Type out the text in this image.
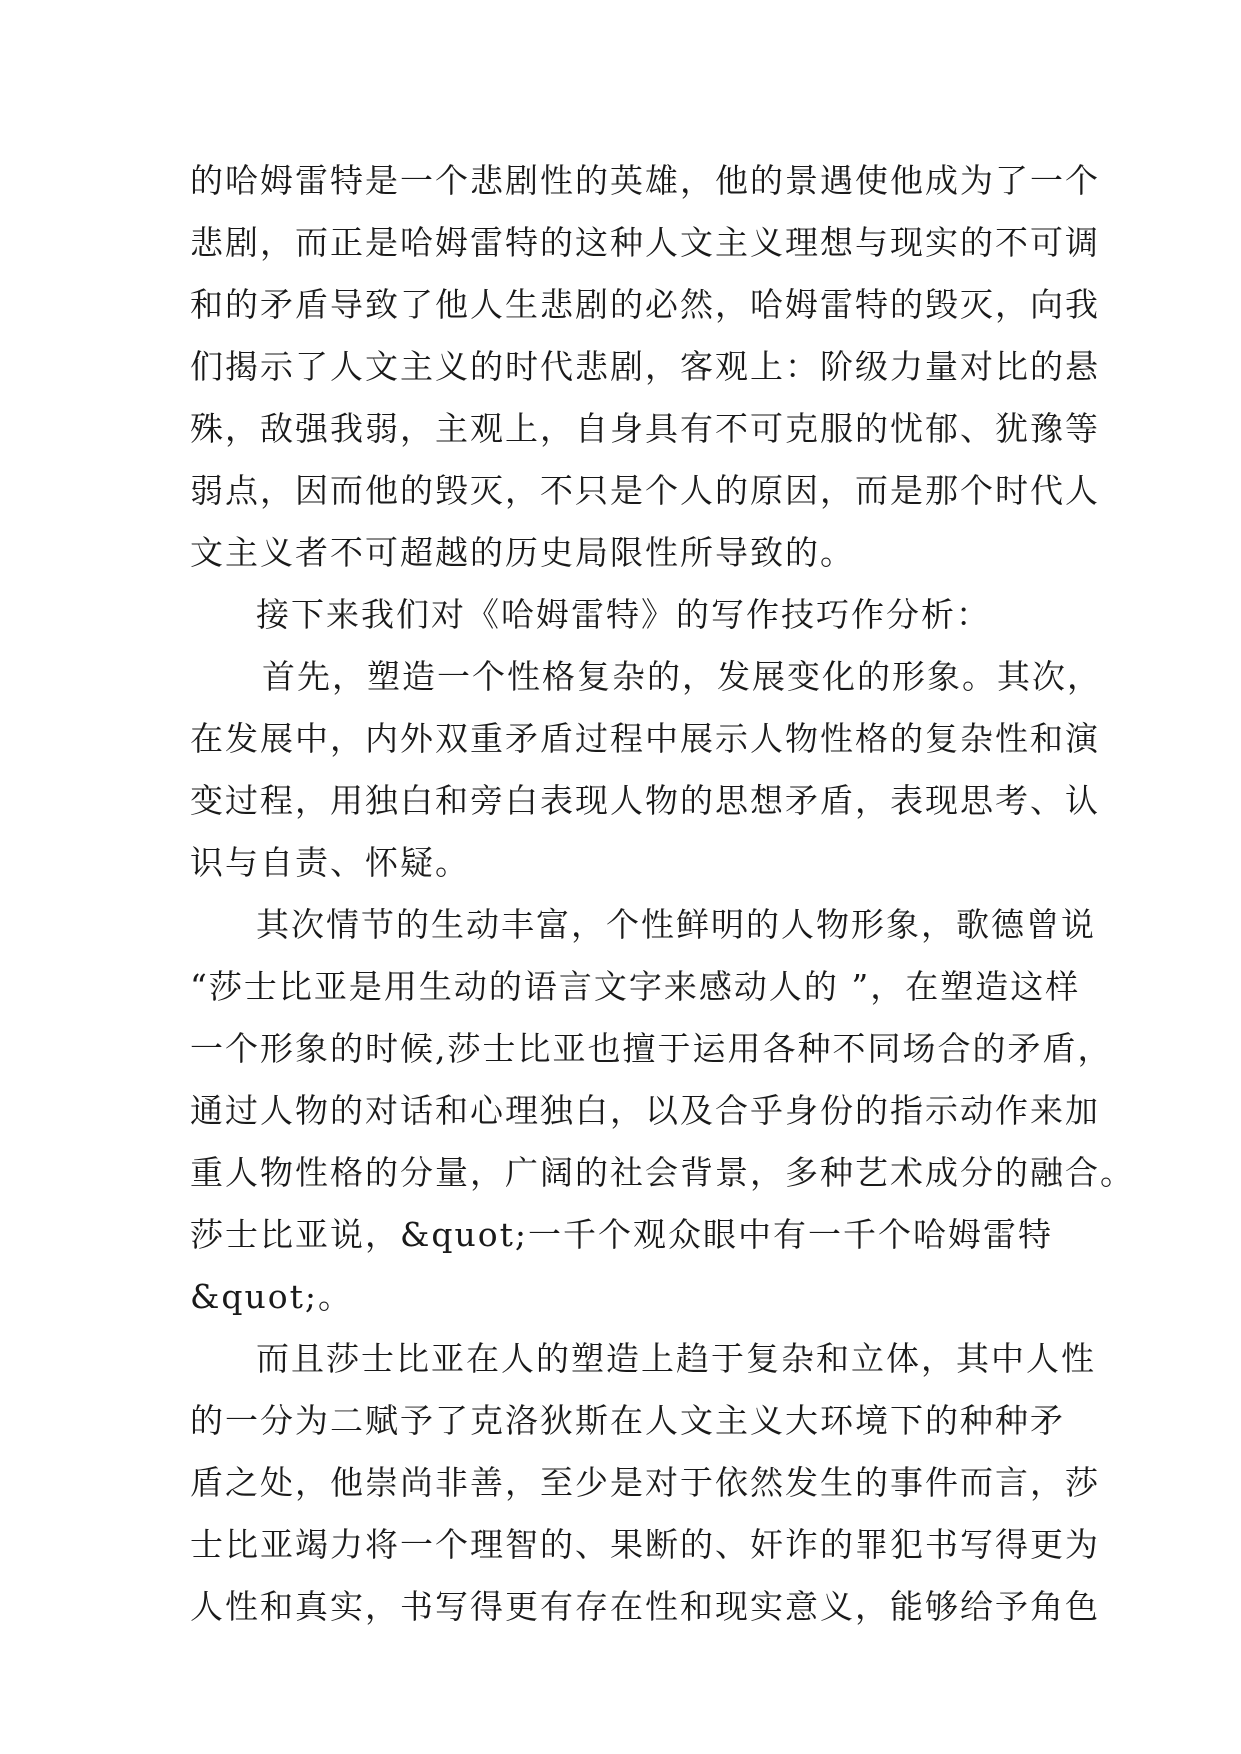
的哈姆雷特是一个悲剧性的英雄，他的景遇使他成为了一个
悲剧，而正是哈姆雷特的这种人文主义理想与现实的不可调
和的矛盾导致了他人生悲剧的必然，哈姆雷特的毁灭，向我
们揭示了人文主义的时代悲剧，客观上：阶级力量对比的悬
殊，敌强我弱，主观上，自身具有不可克服的忧郁、犹豫等
弱点，因而他的毁灭，不只是个人的原因，而是那个时代人
文主义者不可超越的历史局限性所导致的。
接下来我们对《哈姆雷特》的写作技巧作分析：
首先，塑造一个性格复杂的，发展变化的形象。其次，
在发展中，内外双重矛盾过程中展示人物性格的复杂性和演
变过程，用独白和旁白表现人物的思想矛盾，表现思考、认
识与自责、怀疑。
其次情节的生动丰富，个性鲜明的人物形象，歌德曾说
“莎士比亚是用生动的语言文字来感动人的 ”，在塑造这样
一个形象的时候,莎士比亚也擅于运用各种不同场合的矛盾，
通过人物的对话和心理独白，以及合乎身份的指示动作来加
重人物性格的分量，广阔的社会背景，多种艺术成分的融合。
莎士比亚说，&quot;一千个观众眼中有一千个哈姆雷特
&quot;。
而且莎士比亚在人的塑造上趋于复杂和立体，其中人性
的一分为二赋予了克洛狄斯在人文主义大环境下的种种矛
盾之处，他崇尚非善，至少是对于依然发生的事件而言，莎
士比亚竭力将一个理智的、果断的、奸诈的罪犯书写得更为
人性和真实，书写得更有存在性和现实意义，能够给予角色
